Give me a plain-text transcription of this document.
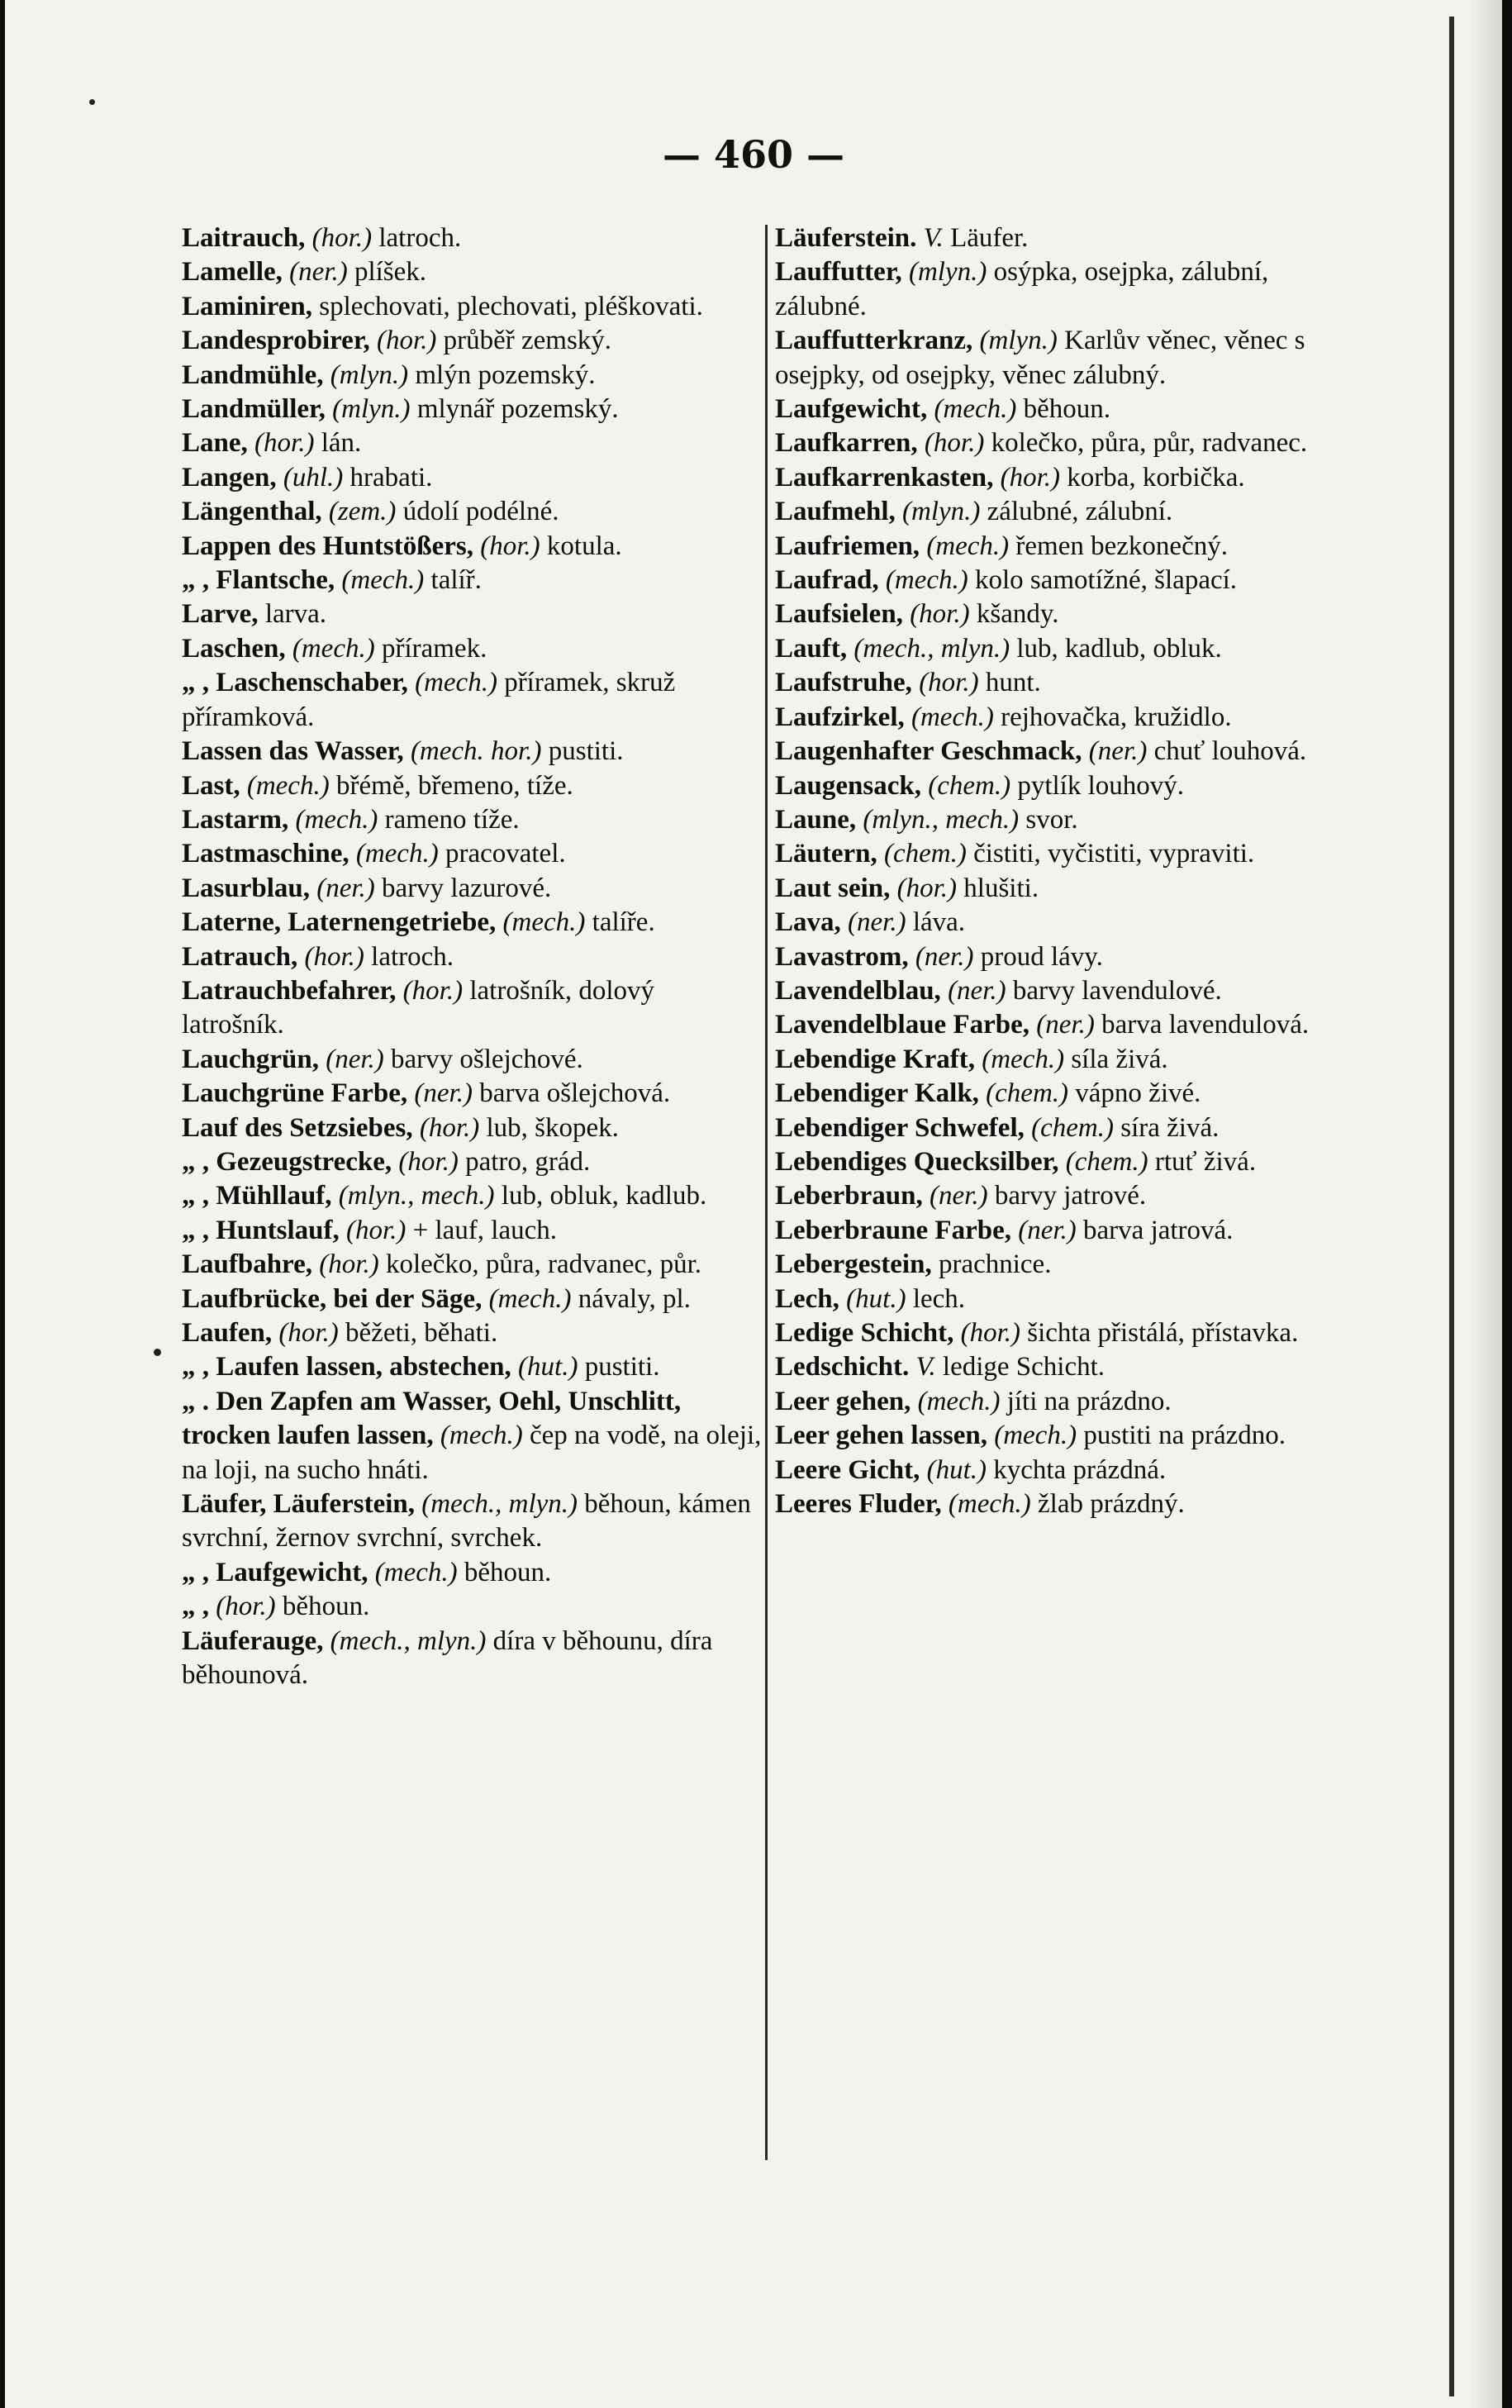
— 460 —

Laitrauch, (hor.) latroch.

Lamelle, (ner.) plíšek.

Laminiren, splechovati, plechovati, pléškovati.

Landesprobirer, (hor.) průběř zemský.

Landmühle, (mlyn.) mlýn pozemský.

Landmüller, (mlyn.) mlynář pozemský.

Lane, (hor.) lán.

Langen, (uhl.) hrabati.

Längenthal, (zem.) údolí podélné.

Lappen des Huntstößers, (hor.) kotula.

„ , Flantsche, (mech.) talíř.

Larve, larva.

Laschen, (mech.) příramek.

„ , Laschenschaber, (mech.) příramek, skruž příramková.

Lassen das Wasser, (mech. hor.) pustiti.

Last, (mech.) břémě, břemeno, tíže.

Lastarm, (mech.) rameno tíže.

Lastmaschine, (mech.) pracovatel.

Lasurblau, (ner.) barvy lazurové.

Laterne, Laternengetriebe, (mech.) talíře.

Latrauch, (hor.) latroch.

Latrauchbefahrer, (hor.) latrošník, dolový latrošník.

Lauchgrün, (ner.) barvy ošlejchové.

Lauchgrüne Farbe, (ner.) barva ošlejchová.

Lauf des Setzsiebes, (hor.) lub, škopek.

„ , Gezeugstrecke, (hor.) patro, grád.

„ , Mühllauf, (mlyn., mech.) lub, obluk, kadlub.

„ , Huntslauf, (hor.) + lauf, lauch.

Laufbahre, (hor.) kolečko, půra, radvanec, půr.

Laufbrücke, bei der Säge, (mech.) návaly, pl.

Laufen, (hor.) běžeti, běhati.

„ , Laufen lassen, abstechen, (hut.) pustiti.

„ . Den Zapfen am Wasser, Oehl, Unschlitt, trocken laufen lassen, (mech.) čep na vodě, na oleji, na loji, na sucho hnáti.

Läufer, Läuferstein, (mech., mlyn.) běhoun, kámen svrchní, žernov svrchní, svrchek.

„ , Laufgewicht, (mech.) běhoun.

„ , (hor.) běhoun.

Läuferauge, (mech., mlyn.) díra v běhounu, díra běhounová.

Läuferstein. V. Läufer.

Lauffutter, (mlyn.) osýpka, osejpka, zálubní, zálubné.

Lauffutterkranz, (mlyn.) Karlův věnec, věnec s osejpky, od osejpky, věnec zálubný.

Laufgewicht, (mech.) běhoun.

Laufkarren, (hor.) kolečko, půra, půr, radvanec.

Laufkarrenkasten, (hor.) korba, korbička.

Laufmehl, (mlyn.) zálubné, zálubní.

Laufriemen, (mech.) řemen bezkonečný.

Laufrad, (mech.) kolo samotížné, šlapací.

Laufsielen, (hor.) kšandy.

Lauft, (mech., mlyn.) lub, kadlub, obluk.

Laufstruhe, (hor.) hunt.

Laufzirkel, (mech.) rejhovačka, kružidlo.

Laugenhafter Geschmack, (ner.) chuť louhová.

Laugensack, (chem.) pytlík louhový.

Laune, (mlyn., mech.) svor.

Läutern, (chem.) čistiti, vyčistiti, vypraviti.

Laut sein, (hor.) hlušiti.

Lava, (ner.) láva.

Lavastrom, (ner.) proud lávy.

Lavendelblau, (ner.) barvy lavendulové.

Lavendelblaue Farbe, (ner.) barva lavendulová.

Lebendige Kraft, (mech.) síla živá.

Lebendiger Kalk, (chem.) vápno živé.

Lebendiger Schwefel, (chem.) síra živá.

Lebendiges Quecksilber, (chem.) rtuť živá.

Leberbraun, (ner.) barvy jatrové.

Leberbraune Farbe, (ner.) barva jatrová.

Lebergestein, prachnice.

Lech, (hut.) lech.

Ledige Schicht, (hor.) šichta přistálá, přístavka.

Ledschicht. V. ledige Schicht.

Leer gehen, (mech.) jíti na prázdno.

Leer gehen lassen, (mech.) pustiti na prázdno.

Leere Gicht, (hut.) kychta prázdná.

Leeres Fluder, (mech.) žlab prázdný.
